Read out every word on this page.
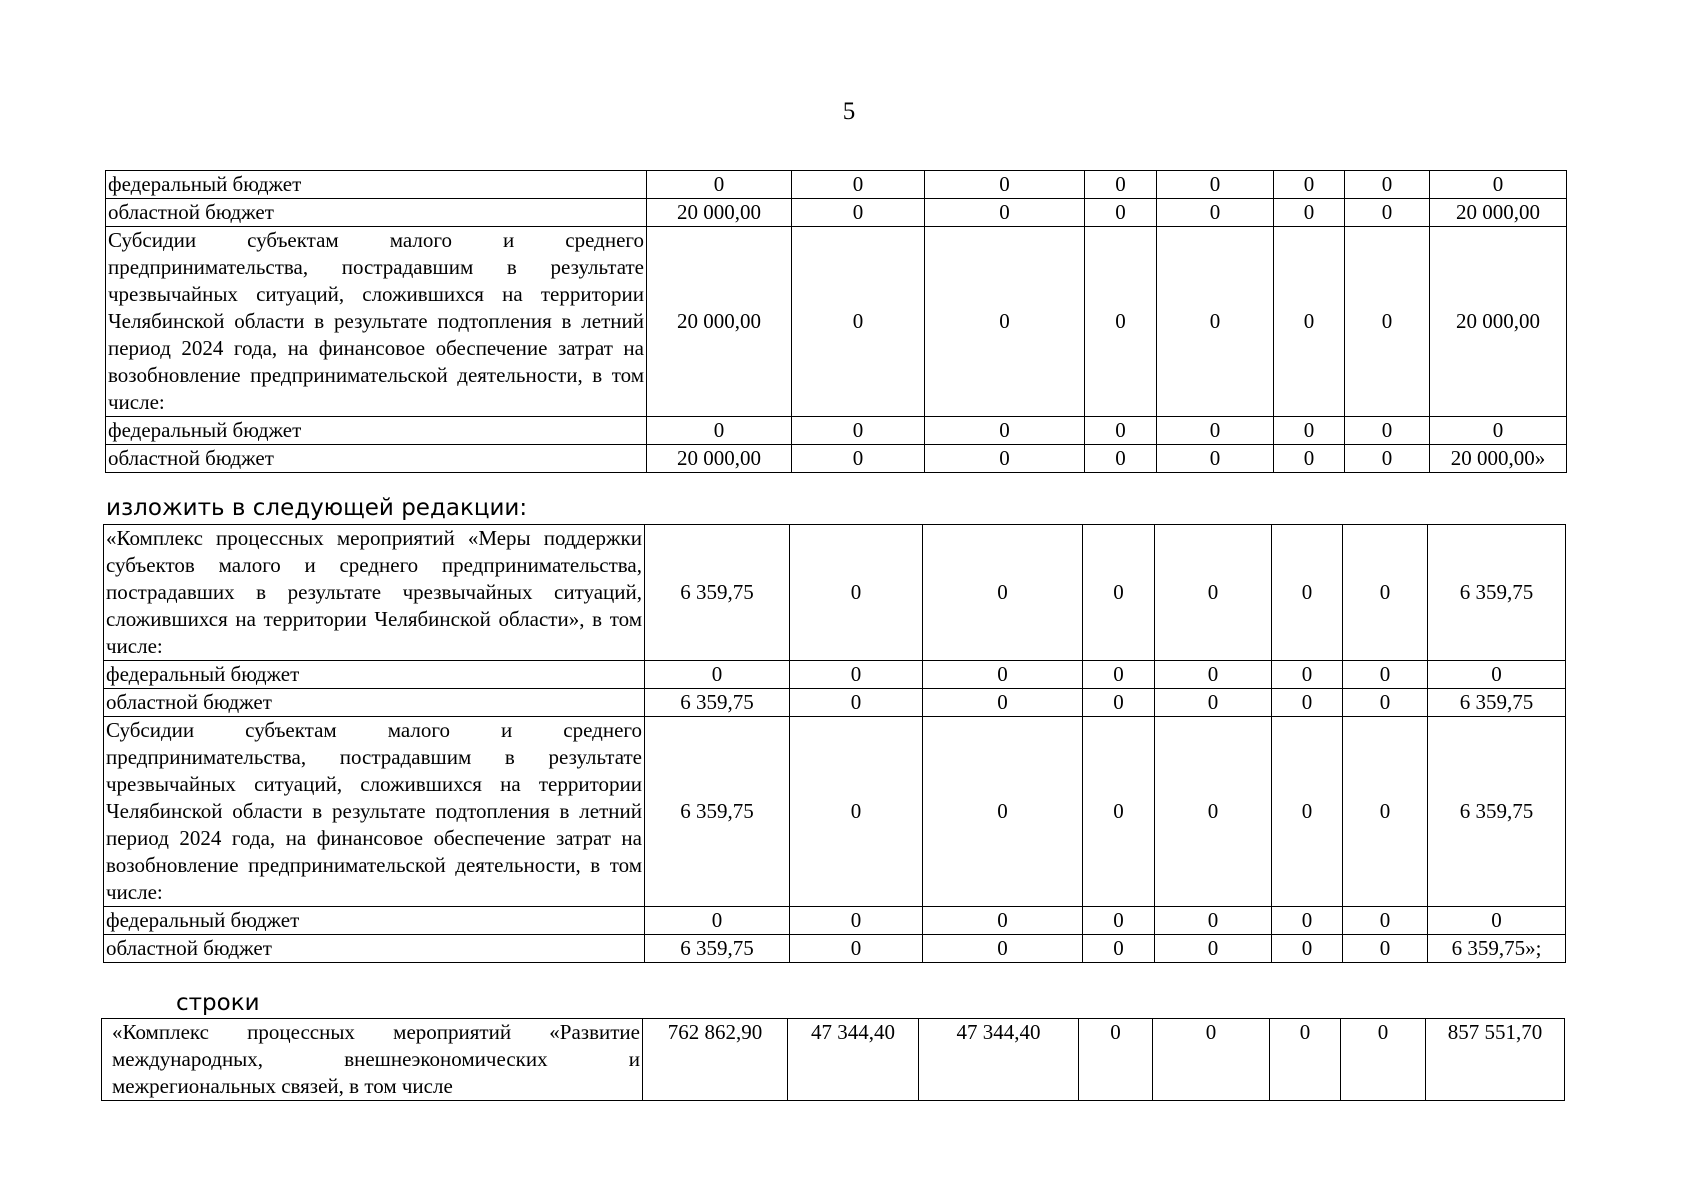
5
федеральный бюджет	0	0	0	0	0	0	0	0
областной бюджет	20 000,00	0	0	0	0	0	0	20 000,00
Субсидии субъектам малого и среднего предпринимательства, пострадавшим в результате чрезвычайных ситуаций, сложившихся на территории Челябинской области в результате подтопления в летний период 2024 года, на финансовое обеспечение затрат на возобновление предпринимательской деятельности, в том числе:	20 000,00	0	0	0	0	0	0	20 000,00
федеральный бюджет	0	0	0	0	0	0	0	0
областной бюджет	20 000,00	0	0	0	0	0	0	20 000,00»
изложить в следующей редакции:
«Комплекс процессных мероприятий «Меры поддержки субъектов малого и среднего предпринимательства, пострадавших в результате чрезвычайных ситуаций, сложившихся на территории Челябинской области», в том числе:	6 359,75	0	0	0	0	0	0	6 359,75
федеральный бюджет	0	0	0	0	0	0	0	0
областной бюджет	6 359,75	0	0	0	0	0	0	6 359,75
Субсидии субъектам малого и среднего предпринимательства, пострадавшим в результате чрезвычайных ситуаций, сложившихся на территории Челябинской области в результате подтопления в летний период 2024 года, на финансовое обеспечение затрат на возобновление предпринимательской деятельности, в том числе:	6 359,75	0	0	0	0	0	0	6 359,75
федеральный бюджет	0	0	0	0	0	0	0	0
областной бюджет	6 359,75	0	0	0	0	0	0	6 359,75»;
строки
«Комплекс процессных мероприятий «Развитие международных, внешнеэкономических и межрегиональных связей, в том числе	762 862,90	47 344,40	47 344,40	0	0	0	0	857 551,70
